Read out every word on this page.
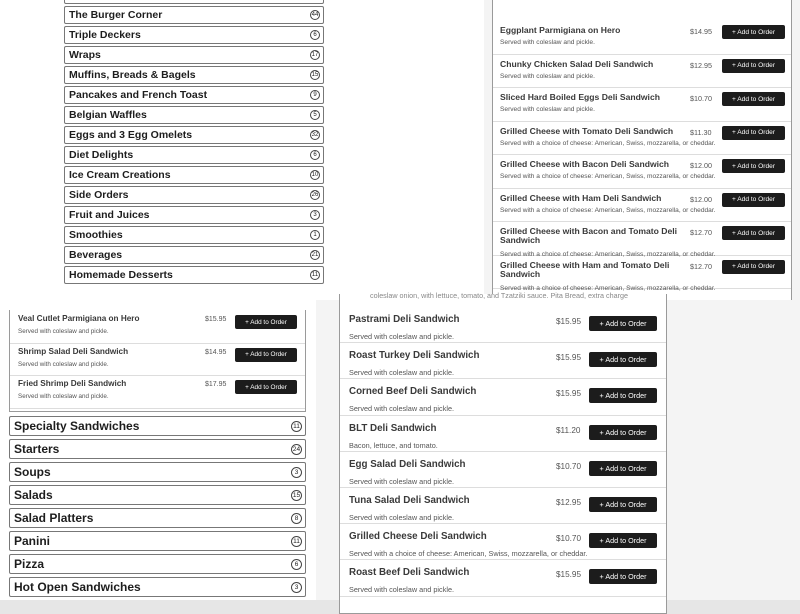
The Burger Corner	44
Triple Deckers	6
Wraps	17
Muffins, Breads & Bagels	15
Pancakes and French Toast	9
Belgian Waffles	5
Eggs and 3 Egg Omelets	32
Diet Delights	6
Ice Cream Creations	10
Side Orders	26
Fruit and Juices	3
Smoothies	1
Beverages	21
Homemade Desserts	11
Eggplant Parmigiana on Hero	$14.95
Served with coleslaw and pickle.
+ Add to Order
Chunky Chicken Salad Deli Sandwich	$12.95
Served with coleslaw and pickle.
+ Add to Order
Sliced Hard Boiled Eggs Deli Sandwich	$10.70
Served with coleslaw and pickle.
+ Add to Order
Grilled Cheese with Tomato Deli Sandwich	$11.30
Served with a choice of cheese: American, Swiss, mozzarella, or cheddar.
+ Add to Order
Grilled Cheese with Bacon Deli Sandwich	$12.00
Served with a choice of cheese: American, Swiss, mozzarella, or cheddar.
+ Add to Order
Grilled Cheese with Ham Deli Sandwich	$12.00
Served with a choice of cheese: American, Swiss, mozzarella, or cheddar.
+ Add to Order
Grilled Cheese with Bacon and Tomato Deli Sandwich
$12.70
Served with a choice of cheese: American, Swiss, mozzarella, or cheddar.
+ Add to Order
Grilled Cheese with Ham and Tomato Deli Sandwich
$12.70
Served with a choice of cheese: American, Swiss, mozzarella, or cheddar.
+ Add to Order
Veal Cutlet Parmigiana on Hero	$15.95
Served with coleslaw and pickle.
+ Add to Order
Shrimp Salad Deli Sandwich	$14.95
Served with coleslaw and pickle.
+ Add to Order
Fried Shrimp Deli Sandwich	$17.95
Served with coleslaw and pickle.
+ Add to Order
Specialty Sandwiches	11
Starters	24
Soups	3
Salads	15
Salad Platters	8
Panini	11
Pizza	6
Hot Open Sandwiches	3
coleslaw onion, with lettuce, tomato, and Tzatziki sauce. Pita Bread, extra charge
Pastrami Deli Sandwich	$15.95
Served with coleslaw and pickle.
+ Add to Order
Roast Turkey Deli Sandwich	$15.95
Served with coleslaw and pickle.
+ Add to Order
Corned Beef Deli Sandwich	$15.95
Served with coleslaw and pickle.
+ Add to Order
BLT Deli Sandwich	$11.20
Bacon, lettuce, and tomato.
+ Add to Order
Egg Salad Deli Sandwich	$10.70
Served with coleslaw and pickle.
+ Add to Order
Tuna Salad Deli Sandwich	$12.95
Served with coleslaw and pickle.
+ Add to Order
Grilled Cheese Deli Sandwich	$10.70
Served with a choice of cheese: American, Swiss, mozzarella, or cheddar.
+ Add to Order
Roast Beef Deli Sandwich	$15.95
Served with coleslaw and pickle.
+ Add to Order
